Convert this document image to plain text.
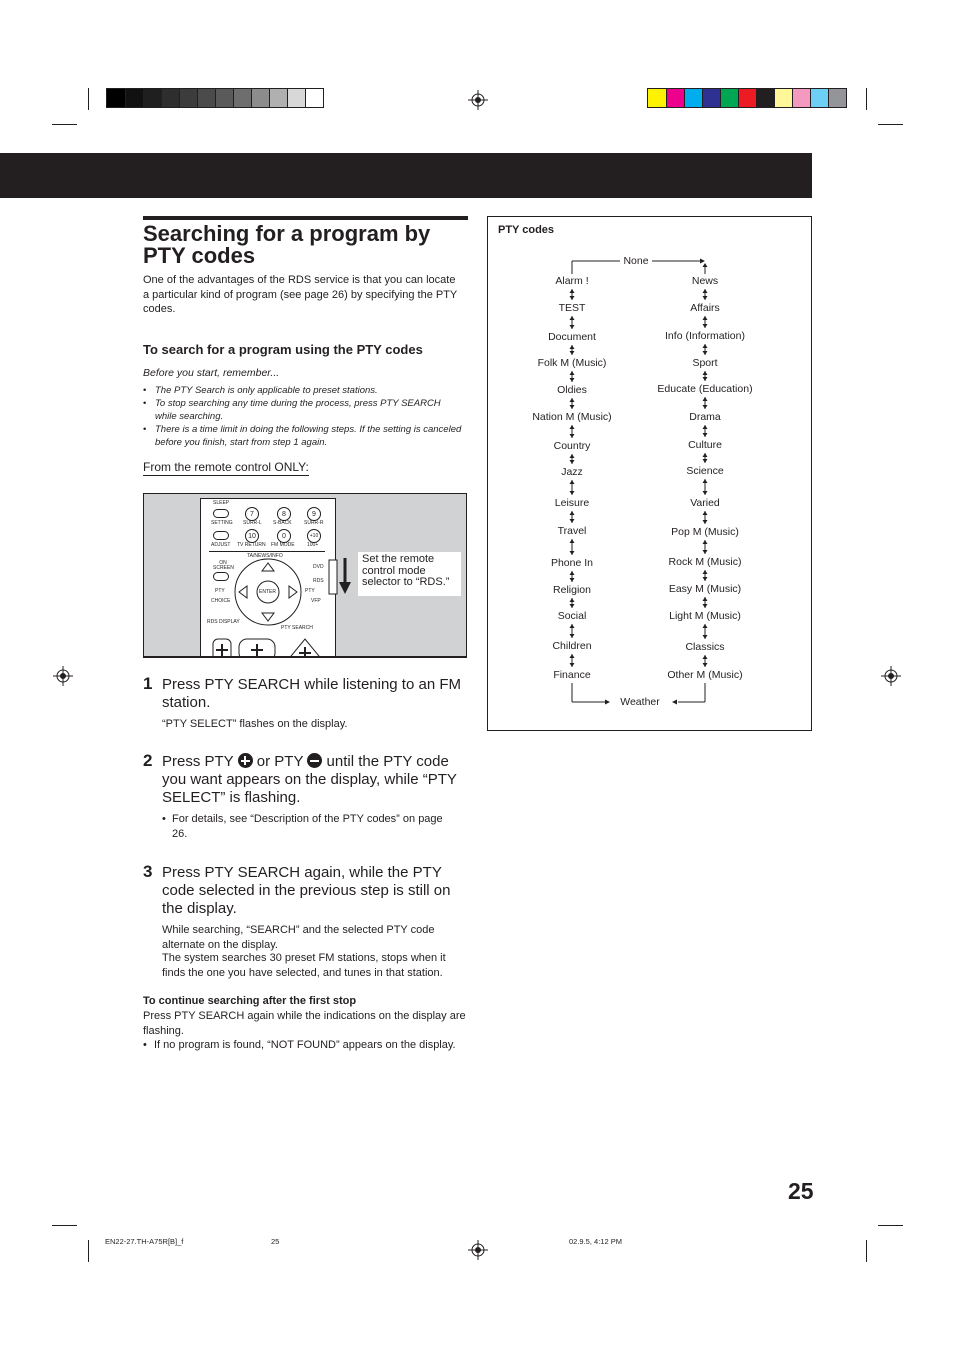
Searching for a program by PTY codes
One of the advantages of the RDS service is that you can locate a particular kind of program (see page 26) by specifying the PTY codes.
To search for a program using the PTY codes
Before you start, remember...
• The PTY Search is only applicable to preset stations.
• To stop searching any time during the process, press PTY SEARCH while searching.
• There is a time limit in doing the following steps. If the setting is canceled before you finish, start from step 1 again.
From the remote control ONLY:
SLEEP
SETTING
7	8	9
SURR-L S-BACK SURR-R
10	0	+10
ADJUST TV RETURN FM MODE 100+
TA/NEWS/INFO
ON SCREEN
ENTER
PTY	PTY
DVD
RDS
CHOICE	VFP
RDS DISPLAY
PTY SEARCH
Set the remote control mode selector to “RDS.”
1 Press PTY SEARCH while listening to an FM station.
“PTY SELECT” flashes on the display.
2 Press PTY or PTY until the PTY code you want appears on the display, while “PTY SELECT” is flashing.
• For details, see “Description of the PTY codes” on page 26.
3 Press PTY SEARCH again, while the PTY code selected in the previous step is still on the display.
While searching, “SEARCH” and the selected PTY code alternate on the display.
The system searches 30 preset FM stations, stops when it finds the one you have selected, and tunes in that station.
To continue searching after the first stop
Press PTY SEARCH again while the indications on the display are flashing.
• If no program is found, “NOT FOUND” appears on the display.
PTY codes
None
Alarm !
TEST
Document
Folk M (Music)
Oldies
Nation M (Music)
Country
Jazz
Leisure
Travel
Phone In
Religion
Social
Children
Finance
News
Affairs
Info (Information)
Sport
Educate (Education)
Drama
Culture
Science
Varied
Pop M (Music)
Rock M (Music)
Easy M (Music)
Light M (Music)
Classics
Other M (Music)
Weather
25
EN22-27.TH-A75R[B]_f	25	02.9.5, 4:12 PM
